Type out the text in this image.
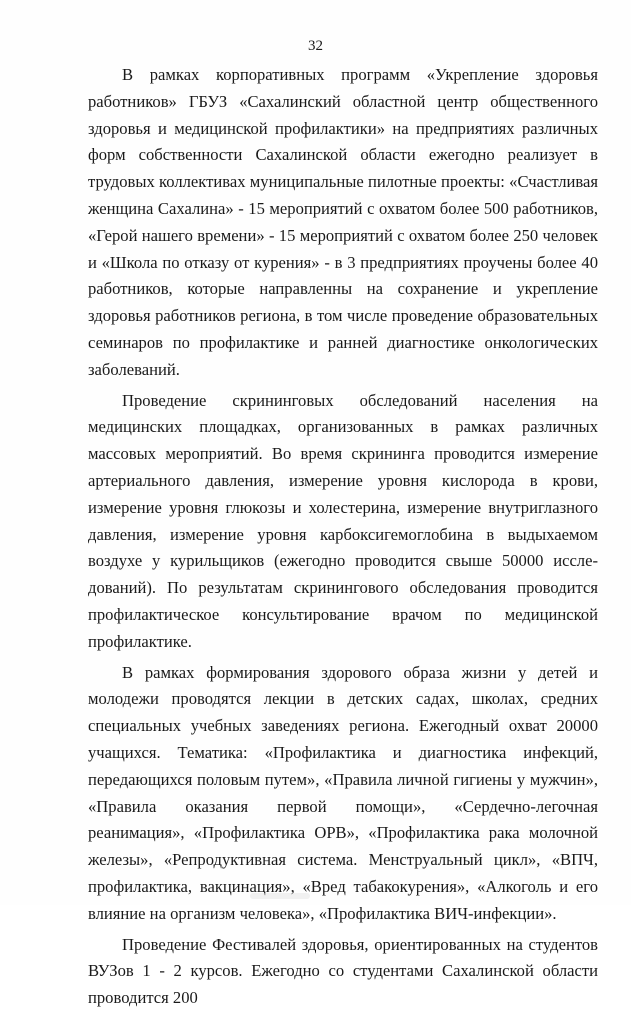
32

В рамках корпоративных программ «Укрепление здоровья работников» ГБУЗ «Сахалинский областной центр общественного здоровья и медицинской профилактики» на предприятиях различных форм собственности Сахалинской области ежегодно реализует в трудовых коллективах муниципальные пилотные проекты: «Счастливая женщина Сахалина» - 15 мероприятий с охватом более 500 работников, «Герой нашего времени» - 15 мероприятий с охватом более 250 человек и «Школа по отказу от курения» - в 3 предприятиях проучены более 40 работников, которые направленны на сохранение и укрепление здоровья работников региона, в том числе проведение образовательных семинаров по профилактике и ранней диагностике онкологических заболеваний.

Проведение скрининговых обследований населения на медицинских площадках, организованных в рамках различных массовых мероприятий. Во время скрининга проводится измерение артериального давления, измерение уровня кислорода в крови, измерение уровня глюкозы и холестерина, измерение внутриглазного давления, измерение уровня карбоксигемоглобина в выдыхаемом воздухе у курильщиков (ежегодно проводится свыше 50000 исследований). По результатам скринингового обследования проводится профилактическое консультирование врачом по медицинской профилактике.

В рамках формирования здорового образа жизни у детей и молодежи проводятся лекции в детских садах, школах, средних специальных учебных заведениях региона. Ежегодный охват 20000 учащихся. Тематика: «Профилактика и диагностика инфекций, передающихся половым путем», «Правила личной гигиены у мужчин», «Правила оказания первой помощи», «Сердечно-легочная реанимация», «Профилактика ОРВ», «Профилактика рака молочной железы», «Репродуктивная система. Менструальный цикл», «ВПЧ, профилактика, вакцинация», «Вред табакокурения», «Алкоголь и его влияние на организм человека», «Профилактика ВИЧ-инфекции».

Проведение Фестивалей здоровья, ориентированных на студентов ВУЗов 1 - 2 курсов. Ежегодно со студентами Сахалинской области проводится 200
